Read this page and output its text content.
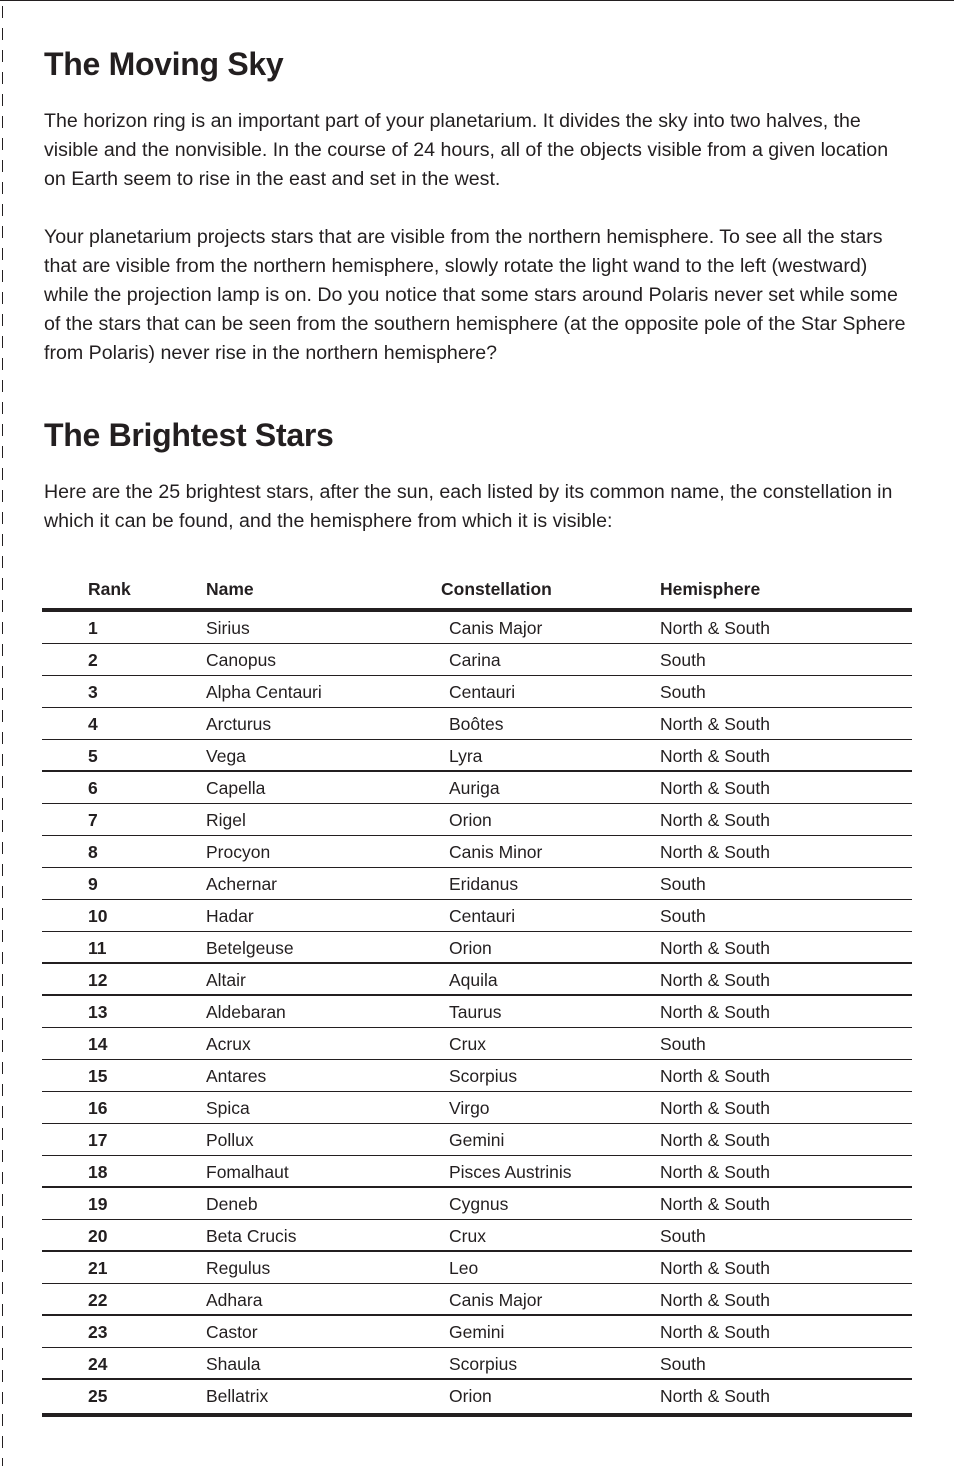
The Moving Sky

The horizon ring is an important part of your planetarium. It divides the sky into two halves, the visible and the nonvisible. In the course of 24 hours, all of the objects visible from a given location on Earth seem to rise in the east and set in the west.

Your planetarium projects stars that are visible from the northern hemisphere. To see all the stars that are visible from the northern hemisphere, slowly rotate the light wand to the left (westward) while the projection lamp is on. Do you notice that some stars around Polaris never set while some of the stars that can be seen from the southern hemisphere (at the opposite pole of the Star Sphere from Polaris) never rise in the northern hemisphere?

The Brightest Stars

Here are the 25 brightest stars, after the sun, each listed by its common name, the constellation in which it can be found, and the hemisphere from which it is visible:

Rank	Name	Constellation	Hemisphere
1	Sirius	Canis Major	North & South
2	Canopus	Carina	South
3	Alpha Centauri	Centauri	South
4	Arcturus	Boôtes	North & South
5	Vega	Lyra	North & South
6	Capella	Auriga	North & South
7	Rigel	Orion	North & South
8	Procyon	Canis Minor	North & South
9	Achernar	Eridanus	South
10	Hadar	Centauri	South
11	Betelgeuse	Orion	North & South
12	Altair	Aquila	North & South
13	Aldebaran	Taurus	North & South
14	Acrux	Crux	South
15	Antares	Scorpius	North & South
16	Spica	Virgo	North & South
17	Pollux	Gemini	North & South
18	Fomalhaut	Pisces Austrinis	North & South
19	Deneb	Cygnus	North & South
20	Beta Crucis	Crux	South
21	Regulus	Leo	North & South
22	Adhara	Canis Major	North & South
23	Castor	Gemini	North & South
24	Shaula	Scorpius	South
25	Bellatrix	Orion	North & South
